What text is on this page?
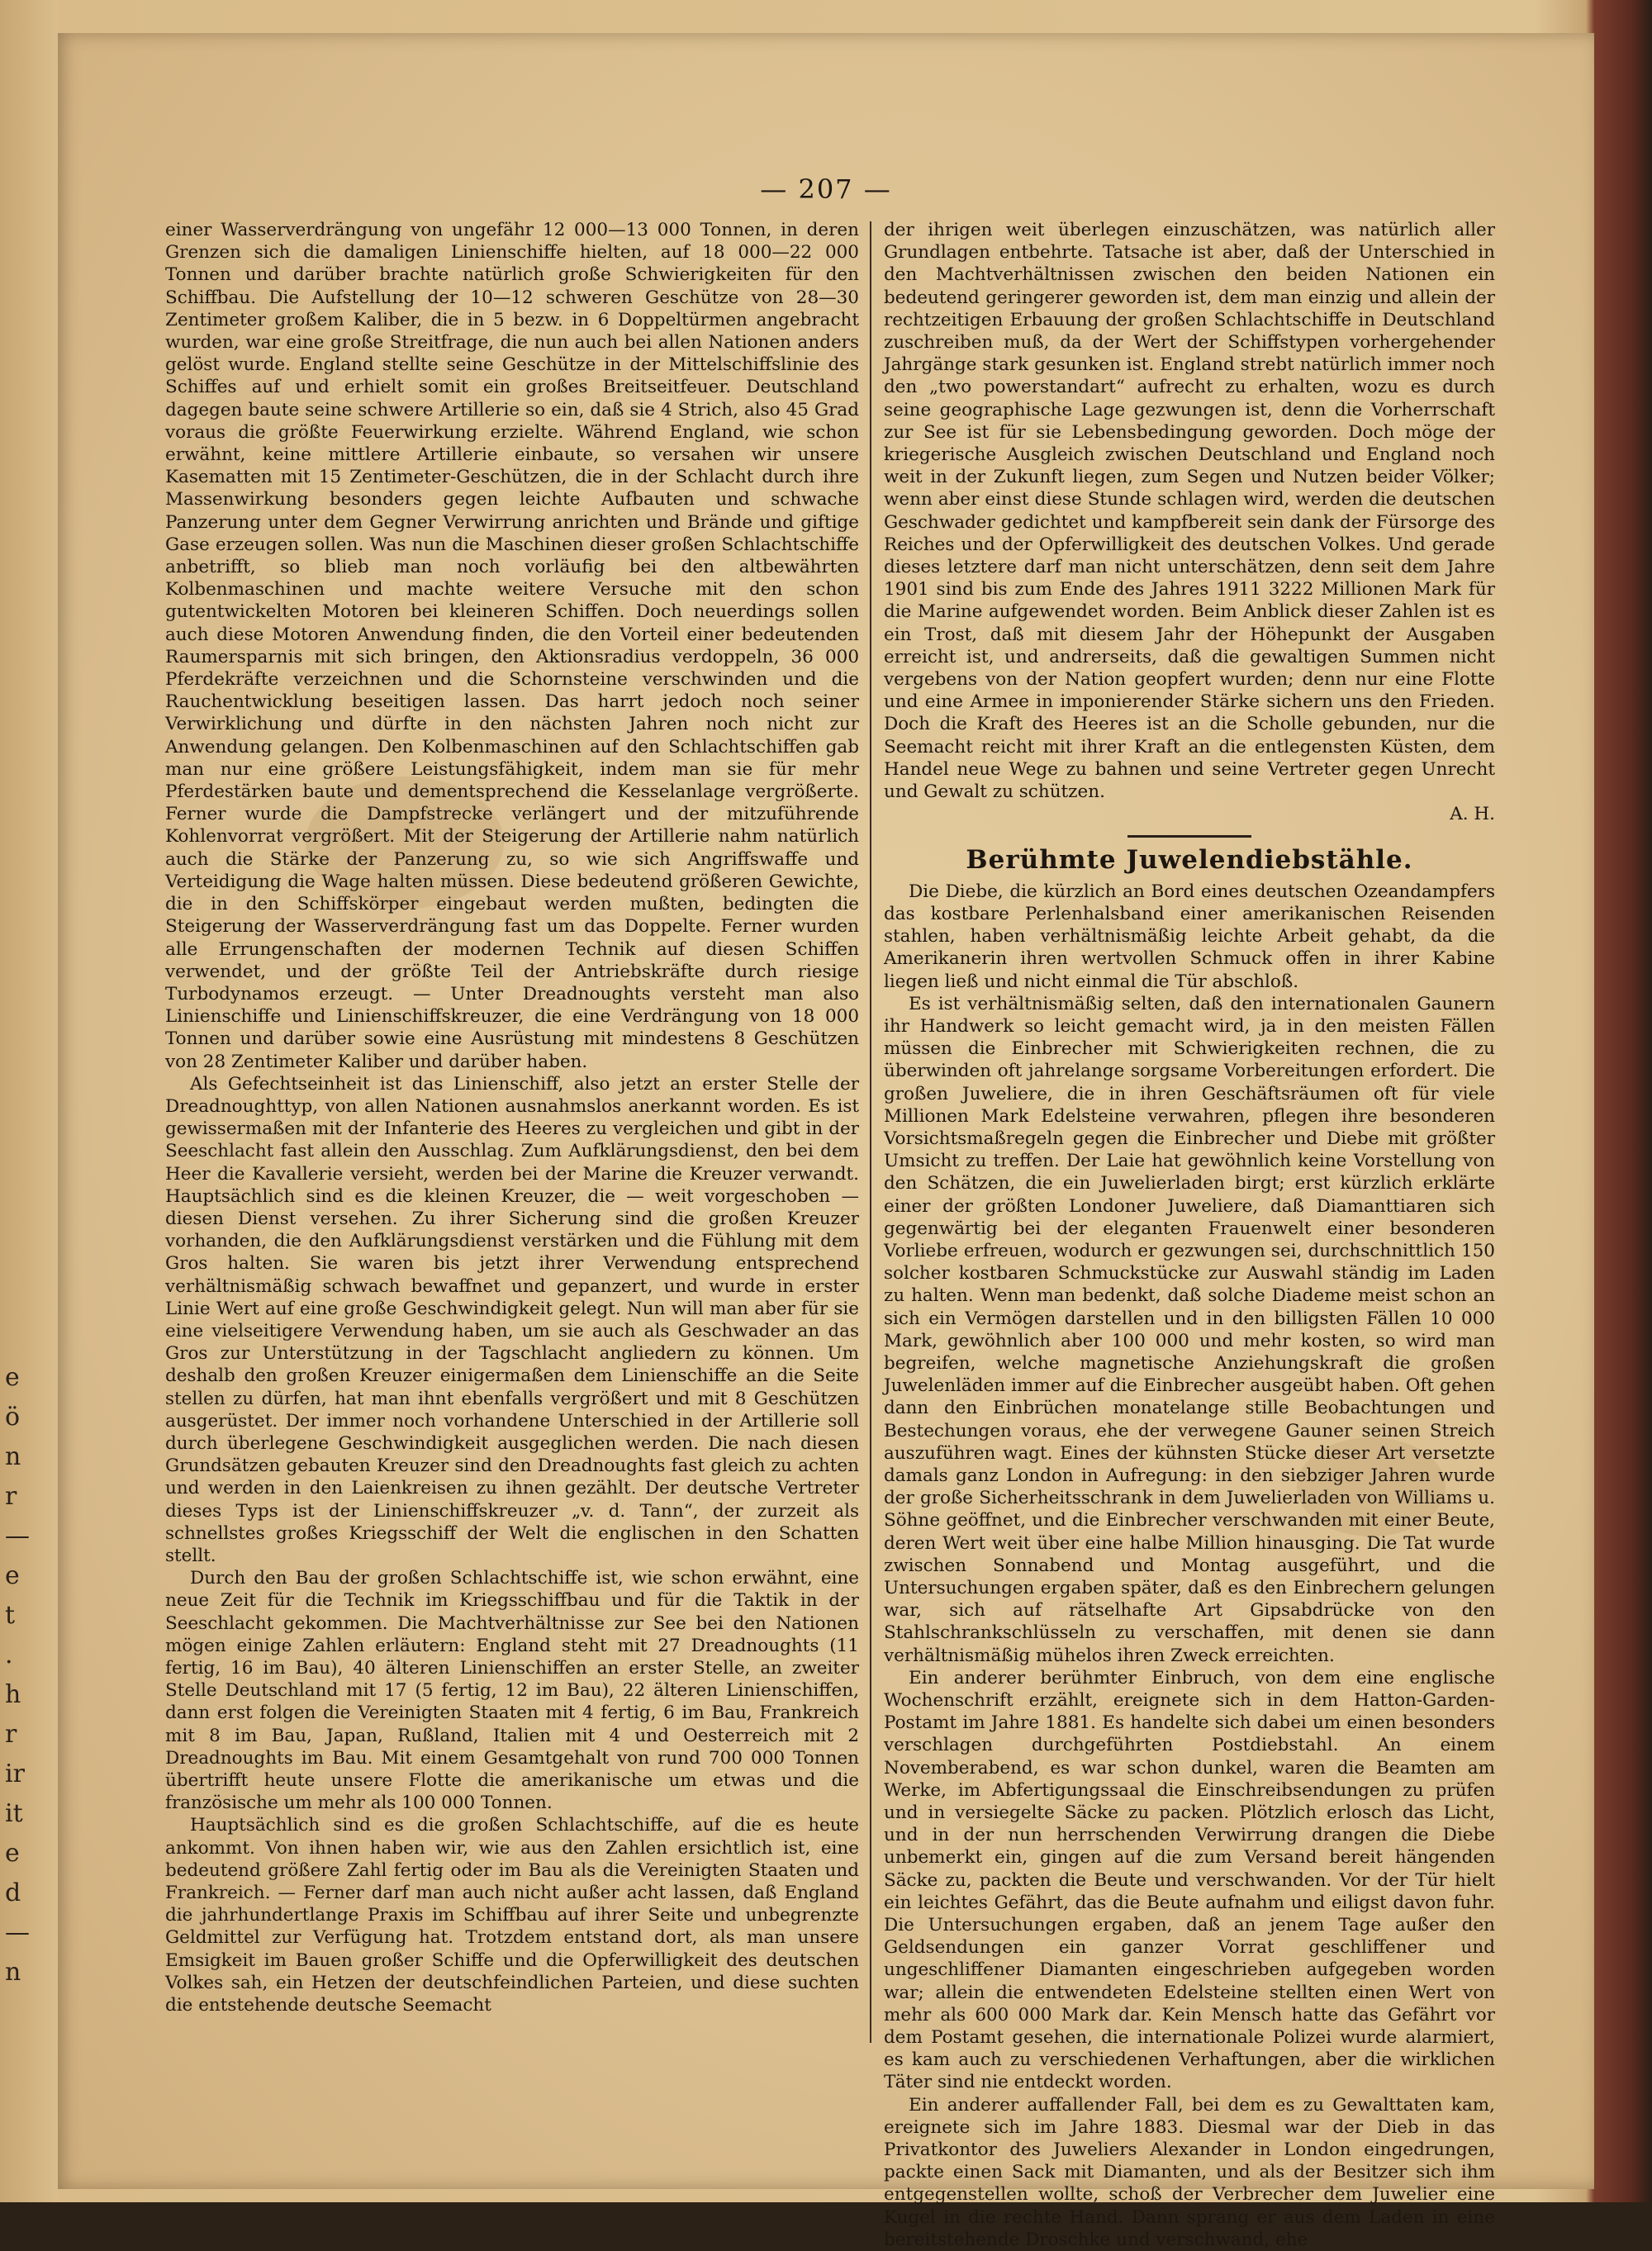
e
ö
n
r
—
e
t
.
h
r
ir
it
e
d
—
n
— 207 —

einer Wasserverdrängung von ungefähr 12 000—13 000 Tonnen, in deren Grenzen sich die damaligen Linienschiffe hielten, auf 18 000—22 000 Tonnen und darüber brachte natürlich große Schwierigkeiten für den Schiffbau. Die Aufstellung der 10—12 schweren Geschütze von 28—30 Zentimeter großem Kaliber, die in 5 bezw. in 6 Doppeltürmen angebracht wurden, war eine große Streitfrage, die nun auch bei allen Nationen anders gelöst wurde. England stellte seine Geschütze in der Mittelschiffslinie des Schiffes auf und erhielt somit ein großes Breitseitfeuer. Deutschland dagegen baute seine schwere Artillerie so ein, daß sie 4 Strich, also 45 Grad voraus die größte Feuerwirkung erzielte. Während England, wie schon erwähnt, keine mittlere Artillerie einbaute, so versahen wir unsere Kasematten mit 15 Zentimeter-Geschützen, die in der Schlacht durch ihre Massenwirkung besonders gegen leichte Aufbauten und schwache Panzerung unter dem Gegner Verwirrung anrichten und Brände und giftige Gase erzeugen sollen. Was nun die Maschinen dieser großen Schlachtschiffe anbetrifft, so blieb man noch vorläufig bei den altbewährten Kolbenmaschinen und machte weitere Versuche mit den schon gutentwickelten Motoren bei kleineren Schiffen. Doch neuerdings sollen auch diese Motoren Anwendung finden, die den Vorteil einer bedeutenden Raumersparnis mit sich bringen, den Aktionsradius verdoppeln, 36 000 Pferdekräfte verzeichnen und die Schornsteine verschwinden und die Rauchentwicklung beseitigen lassen. Das harrt jedoch noch seiner Verwirklichung und dürfte in den nächsten Jahren noch nicht zur Anwendung gelangen. Den Kolbenmaschinen auf den Schlachtschiffen gab man nur eine größere Leistungsfähigkeit, indem man sie für mehr Pferdestärken baute und dementsprechend die Kesselanlage vergrößerte. Ferner wurde die Dampfstrecke verlängert und der mitzuführende Kohlenvorrat vergrößert. Mit der Steigerung der Artillerie nahm natürlich auch die Stärke der Panzerung zu, so wie sich Angriffswaffe und Verteidigung die Wage halten müssen. Diese bedeutend größeren Gewichte, die in den Schiffskörper eingebaut werden mußten, bedingten die Steigerung der Wasserverdrängung fast um das Doppelte. Ferner wurden alle Errungenschaften der modernen Technik auf diesen Schiffen verwendet, und der größte Teil der Antriebskräfte durch riesige Turbodynamos erzeugt. — Unter Dreadnoughts versteht man also Linienschiffe und Linienschiffskreuzer, die eine Verdrängung von 18 000 Tonnen und darüber sowie eine Ausrüstung mit mindestens 8 Geschützen von 28 Zentimeter Kaliber und darüber haben.

Als Gefechtseinheit ist das Linienschiff, also jetzt an erster Stelle der Dreadnoughttyp, von allen Nationen ausnahmslos anerkannt worden. Es ist gewissermaßen mit der Infanterie des Heeres zu vergleichen und gibt in der Seeschlacht fast allein den Ausschlag. Zum Aufklärungsdienst, den bei dem Heer die Kavallerie versieht, werden bei der Marine die Kreuzer verwandt. Hauptsächlich sind es die kleinen Kreuzer, die — weit vorgeschoben — diesen Dienst versehen. Zu ihrer Sicherung sind die großen Kreuzer vorhanden, die den Aufklärungsdienst verstärken und die Fühlung mit dem Gros halten. Sie waren bis jetzt ihrer Verwendung entsprechend verhältnismäßig schwach bewaffnet und gepanzert, und wurde in erster Linie Wert auf eine große Geschwindigkeit gelegt. Nun will man aber für sie eine vielseitigere Verwendung haben, um sie auch als Geschwader an das Gros zur Unterstützung in der Tagschlacht angliedern zu können. Um deshalb den großen Kreuzer einigermaßen dem Linienschiffe an die Seite stellen zu dürfen, hat man ihnt ebenfalls vergrößert und mit 8 Geschützen ausgerüstet. Der immer noch vorhandene Unterschied in der Artillerie soll durch überlegene Geschwindigkeit ausgeglichen werden. Die nach diesen Grundsätzen gebauten Kreuzer sind den Dreadnoughts fast gleich zu achten und werden in den Laienkreisen zu ihnen gezählt. Der deutsche Vertreter dieses Typs ist der Linienschiffskreuzer „v. d. Tann“, der zurzeit als schnellstes großes Kriegsschiff der Welt die englischen in den Schatten stellt.

Durch den Bau der großen Schlachtschiffe ist, wie schon erwähnt, eine neue Zeit für die Technik im Kriegsschiffbau und für die Taktik in der Seeschlacht gekommen. Die Machtverhältnisse zur See bei den Nationen mögen einige Zahlen erläutern: England steht mit 27 Dreadnoughts (11 fertig, 16 im Bau), 40 älteren Linienschiffen an erster Stelle, an zweiter Stelle Deutschland mit 17 (5 fertig, 12 im Bau), 22 älteren Linienschiffen, dann erst folgen die Vereinigten Staaten mit 4 fertig, 6 im Bau, Frankreich mit 8 im Bau, Japan, Rußland, Italien mit 4 und Oesterreich mit 2 Dreadnoughts im Bau. Mit einem Gesamtgehalt von rund 700 000 Tonnen übertrifft heute unsere Flotte die amerikanische um etwas und die französische um mehr als 100 000 Tonnen.

Hauptsächlich sind es die großen Schlachtschiffe, auf die es heute ankommt. Von ihnen haben wir, wie aus den Zahlen ersichtlich ist, eine bedeutend größere Zahl fertig oder im Bau als die Vereinigten Staaten und Frankreich. — Ferner darf man auch nicht außer acht lassen, daß England die jahrhundertlange Praxis im Schiffbau auf ihrer Seite und unbegrenzte Geldmittel zur Verfügung hat. Trotzdem entstand dort, als man unsere Emsigkeit im Bauen großer Schiffe und die Opferwilligkeit des deutschen Volkes sah, ein Hetzen der deutschfeindlichen Parteien, und diese suchten die entstehende deutsche Seemacht

der ihrigen weit überlegen einzuschätzen, was natürlich aller Grundlagen entbehrte. Tatsache ist aber, daß der Unterschied in den Machtverhältnissen zwischen den beiden Nationen ein bedeutend geringerer geworden ist, dem man einzig und allein der rechtzeitigen Erbauung der großen Schlachtschiffe in Deutschland zuschreiben muß, da der Wert der Schiffstypen vorhergehender Jahrgänge stark gesunken ist. England strebt natürlich immer noch den „two powerstandart“ aufrecht zu erhalten, wozu es durch seine geographische Lage gezwungen ist, denn die Vorherrschaft zur See ist für sie Lebensbedingung geworden. Doch möge der kriegerische Ausgleich zwischen Deutschland und England noch weit in der Zukunft liegen, zum Segen und Nutzen beider Völker; wenn aber einst diese Stunde schlagen wird, werden die deutschen Geschwader gedichtet und kampfbereit sein dank der Fürsorge des Reiches und der Opferwilligkeit des deutschen Volkes. Und gerade dieses letztere darf man nicht unterschätzen, denn seit dem Jahre 1901 sind bis zum Ende des Jahres 1911 3222 Millionen Mark für die Marine aufgewendet worden. Beim Anblick dieser Zahlen ist es ein Trost, daß mit diesem Jahr der Höhepunkt der Ausgaben erreicht ist, und andrerseits, daß die gewaltigen Summen nicht vergebens von der Nation geopfert wurden; denn nur eine Flotte und eine Armee in imponierender Stärke sichern uns den Frieden. Doch die Kraft des Heeres ist an die Scholle gebunden, nur die Seemacht reicht mit ihrer Kraft an die entlegensten Küsten, dem Handel neue Wege zu bahnen und seine Vertreter gegen Unrecht und Gewalt zu schützen.

A. H.
Berühmte Juwelendiebstähle.

Die Diebe, die kürzlich an Bord eines deutschen Ozeandampfers das kostbare Perlenhalsband einer amerikanischen Reisenden stahlen, haben verhältnismäßig leichte Arbeit gehabt, da die Amerikanerin ihren wertvollen Schmuck offen in ihrer Kabine liegen ließ und nicht einmal die Tür abschloß.

Es ist verhältnismäßig selten, daß den internationalen Gaunern ihr Handwerk so leicht gemacht wird, ja in den meisten Fällen müssen die Einbrecher mit Schwierigkeiten rechnen, die zu überwinden oft jahrelange sorgsame Vorbereitungen erfordert. Die großen Juweliere, die in ihren Geschäftsräumen oft für viele Millionen Mark Edelsteine verwahren, pflegen ihre besonderen Vorsichtsmaßregeln gegen die Einbrecher und Diebe mit größter Umsicht zu treffen. Der Laie hat gewöhnlich keine Vorstellung von den Schätzen, die ein Juwelierladen birgt; erst kürzlich erklärte einer der größten Londoner Juweliere, daß Diamanttiaren sich gegenwärtig bei der eleganten Frauenwelt einer besonderen Vorliebe erfreuen, wodurch er gezwungen sei, durchschnittlich 150 solcher kostbaren Schmuckstücke zur Auswahl ständig im Laden zu halten. Wenn man bedenkt, daß solche Diademe meist schon an sich ein Vermögen darstellen und in den billigsten Fällen 10 000 Mark, gewöhnlich aber 100 000 und mehr kosten, so wird man begreifen, welche magnetische Anziehungskraft die großen Juwelenläden immer auf die Einbrecher ausgeübt haben. Oft gehen dann den Einbrüchen monatelange stille Beobachtungen und Bestechungen voraus, ehe der verwegene Gauner seinen Streich auszuführen wagt. Eines der kühnsten Stücke dieser Art versetzte damals ganz London in Aufregung: in den siebziger Jahren wurde der große Sicherheitsschrank in dem Juwelierladen von Williams u. Söhne geöffnet, und die Einbrecher verschwanden mit einer Beute, deren Wert weit über eine halbe Million hinausging. Die Tat wurde zwischen Sonnabend und Montag ausgeführt, und die Untersuchungen ergaben später, daß es den Einbrechern gelungen war, sich auf rätselhafte Art Gipsabdrücke von den Stahlschrankschlüsseln zu verschaffen, mit denen sie dann verhältnismäßig mühelos ihren Zweck erreichten.

Ein anderer berühmter Einbruch, von dem eine englische Wochenschrift erzählt, ereignete sich in dem Hatton-Garden-Postamt im Jahre 1881. Es handelte sich dabei um einen besonders verschlagen durchgeführten Postdiebstahl. An einem Novemberabend, es war schon dunkel, waren die Beamten am Werke, im Abfertigungssaal die Einschreibsendungen zu prüfen und in versiegelte Säcke zu packen. Plötzlich erlosch das Licht, und in der nun herrschenden Verwirrung drangen die Diebe unbemerkt ein, gingen auf die zum Versand bereit hängenden Säcke zu, packten die Beute und verschwanden. Vor der Tür hielt ein leichtes Gefährt, das die Beute aufnahm und eiligst davon fuhr. Die Untersuchungen ergaben, daß an jenem Tage außer den Geldsendungen ein ganzer Vorrat geschliffener und ungeschliffener Diamanten eingeschrieben aufgegeben worden war; allein die entwendeten Edelsteine stellten einen Wert von mehr als 600 000 Mark dar. Kein Mensch hatte das Gefährt vor dem Postamt gesehen, die internationale Polizei wurde alarmiert, es kam auch zu verschiedenen Verhaftungen, aber die wirklichen Täter sind nie entdeckt worden.

Ein anderer auffallender Fall, bei dem es zu Gewalttaten kam, ereignete sich im Jahre 1883. Diesmal war der Dieb in das Privatkontor des Juweliers Alexander in London eingedrungen, packte einen Sack mit Diamanten, und als der Besitzer sich ihm entgegenstellen wollte, schoß der Verbrecher dem Juwelier eine Kugel in die rechte Hand. Dann sprang er aus dem Laden in eine bereitstehende Droschke und verschwand, ehe
